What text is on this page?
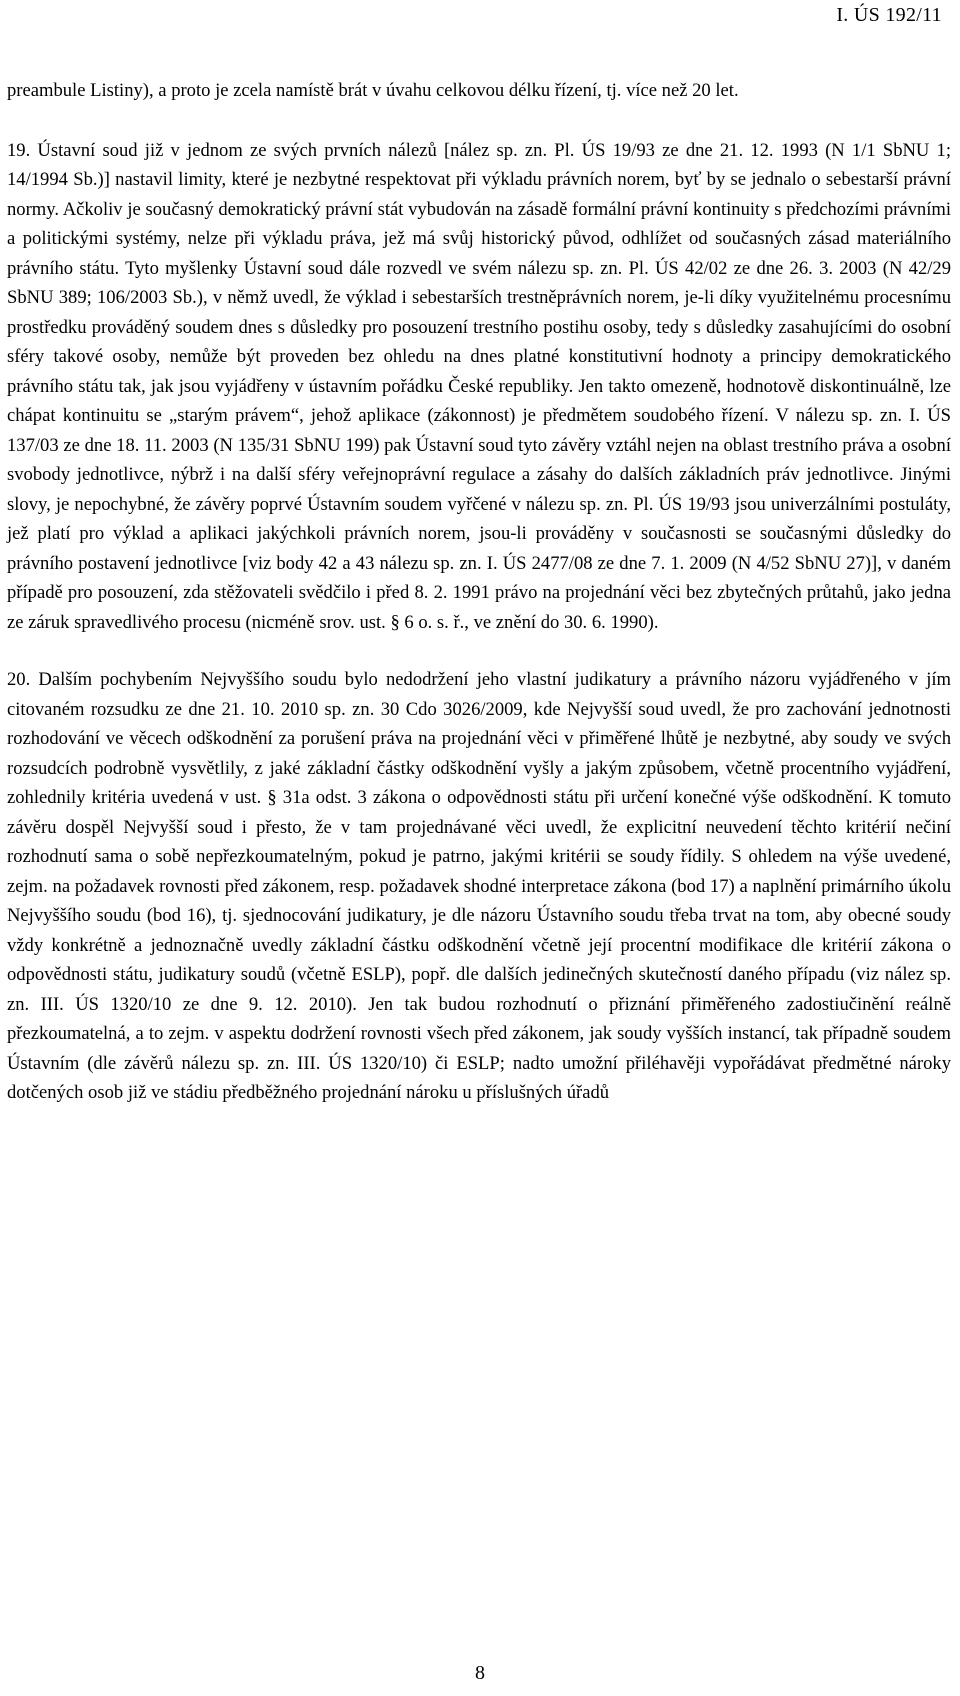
I. ÚS 192/11

preambule Listiny), a proto je zcela namístě brát v úvahu celkovou délku řízení, tj. více než 20 let.

19. Ústavní soud již v jednom ze svých prvních nálezů [nález sp. zn. Pl. ÚS 19/93 ze dne 21. 12. 1993 (N 1/1 SbNU 1; 14/1994 Sb.)] nastavil limity, které je nezbytné respektovat při výkladu právních norem, byť by se jednalo o sebestarší právní normy. Ačkoliv je současný demokratický právní stát vybudován na zásadě formální právní kontinuity s předchozími právními a politickými systémy, nelze při výkladu práva, jež má svůj historický původ, odhlížet od současných zásad materiálního právního státu. Tyto myšlenky Ústavní soud dále rozvedl ve svém nálezu sp. zn. Pl. ÚS 42/02 ze dne 26. 3. 2003 (N 42/29 SbNU 389; 106/2003 Sb.), v němž uvedl, že výklad i sebestarších trestněprávních norem, je-li díky využitelnému procesnímu prostředku prováděný soudem dnes s důsledky pro posouzení trestního postihu osoby, tedy s důsledky zasahujícími do osobní sféry takové osoby, nemůže být proveden bez ohledu na dnes platné konstitutivní hodnoty a principy demokratického právního státu tak, jak jsou vyjádřeny v ústavním pořádku České republiky. Jen takto omezeně, hodnotově diskontinuálně, lze chápat kontinuitu se „starým právem“, jehož aplikace (zákonnost) je předmětem soudobého řízení. V nálezu sp. zn. I. ÚS 137/03 ze dne 18. 11. 2003 (N 135/31 SbNU 199) pak Ústavní soud tyto závěry vztáhl nejen na oblast trestního práva a osobní svobody jednotlivce, nýbrž i na další sféry veřejnoprávní regulace a zásahy do dalších základních práv jednotlivce. Jinými slovy, je nepochybné, že závěry poprvé Ústavním soudem vyřčené v nálezu sp. zn. Pl. ÚS 19/93 jsou univerzálními postuláty, jež platí pro výklad a aplikaci jakýchkoli právních norem, jsou-li prováděny v současnosti se současnými důsledky do právního postavení jednotlivce [viz body 42 a 43 nálezu sp. zn. I. ÚS 2477/08 ze dne 7. 1. 2009 (N 4/52 SbNU 27)], v daném případě pro posouzení, zda stěžovateli svědčilo i před 8. 2. 1991 právo na projednání věci bez zbytečných průtahů, jako jedna ze záruk spravedlivého procesu (nicméně srov. ust. § 6 o. s. ř., ve znění do 30. 6. 1990).

20. Dalším pochybením Nejvyššího soudu bylo nedodržení jeho vlastní judikatury a právního názoru vyjádřeného v jím citovaném rozsudku ze dne 21. 10. 2010 sp. zn. 30 Cdo 3026/2009, kde Nejvyšší soud uvedl, že pro zachování jednotnosti rozhodování ve věcech odškodnění za porušení práva na projednání věci v přiměřené lhůtě je nezbytné, aby soudy ve svých rozsudcích podrobně vysvětlily, z jaké základní částky odškodnění vyšly a jakým způsobem, včetně procentního vyjádření, zohlednily kritéria uvedená v ust. § 31a odst. 3 zákona o odpovědnosti státu při určení konečné výše odškodnění. K tomuto závěru dospěl Nejvyšší soud i přesto, že v tam projednávané věci uvedl, že explicitní neuvedení těchto kritérií nečiní rozhodnutí sama o sobě nepřezkoumatelným, pokud je patrno, jakými kritérii se soudy řídily. S ohledem na výše uvedené, zejm. na požadavek rovnosti před zákonem, resp. požadavek shodné interpretace zákona (bod 17) a naplnění primárního úkolu Nejvyššího soudu (bod 16), tj. sjednocování judikatury, je dle názoru Ústavního soudu třeba trvat na tom, aby obecné soudy vždy konkrétně a jednoznačně uvedly základní částku odškodnění včetně její procentní modifikace dle kritérií zákona o odpovědnosti státu, judikatury soudů (včetně ESLP), popř. dle dalších jedinečných skutečností daného případu (viz nález sp. zn. III. ÚS 1320/10 ze dne 9. 12. 2010). Jen tak budou rozhodnutí o přiznání přiměřeného zadostiučinění reálně přezkoumatelná, a to zejm. v aspektu dodržení rovnosti všech před zákonem, jak soudy vyšších instancí, tak případně soudem Ústavním (dle závěrů nálezu sp. zn. III. ÚS 1320/10) či ESLP; nadto umožní přiléhavěji vypořádávat předmětné nároky dotčených osob již ve stádiu předběžného projednání nároku u příslušných úřadů

8
